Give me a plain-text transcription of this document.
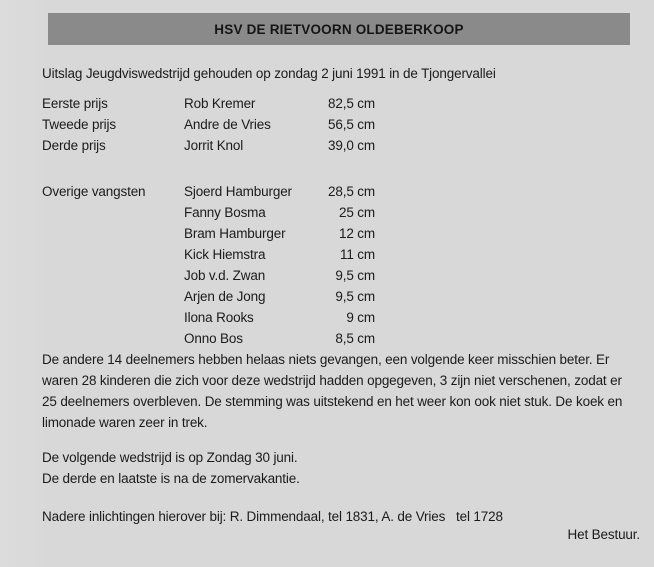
HSV DE RIETVOORN OLDEBERKOOP
Uitslag Jeugdviswedstrijd gehouden op zondag 2 juni 1991 in de Tjongervallei
Eerste prijs	Rob Kremer	82,5 cm
Tweede prijs	Andre de Vries	56,5 cm
Derde prijs	Jorrit Knol	39,0 cm
Overige vangsten	Sjoerd Hamburger	28,5 cm
Fanny Bosma	25 cm
Bram Hamburger	12 cm
Kick Hiemstra	11 cm
Job v.d. Zwan	9,5 cm
Arjen de Jong	9,5 cm
Ilona Rooks	9 cm
Onno Bos	8,5 cm
De andere 14 deelnemers hebben helaas niets gevangen, een volgende keer misschien beter. Er
waren 28 kinderen die zich voor deze wedstrijd hadden opgegeven, 3 zijn niet verschenen, zodat er
25 deelnemers overbleven. De stemming was uitstekend en het weer kon ook niet stuk. De koek en
limonade waren zeer in trek.
De volgende wedstrijd is op Zondag 30 juni.
De derde en laatste is na de zomervakantie.
Nadere inlichtingen hierover bij: R. Dimmendaal, tel 1831, A. de Vries   tel 1728
Het Bestuur.
